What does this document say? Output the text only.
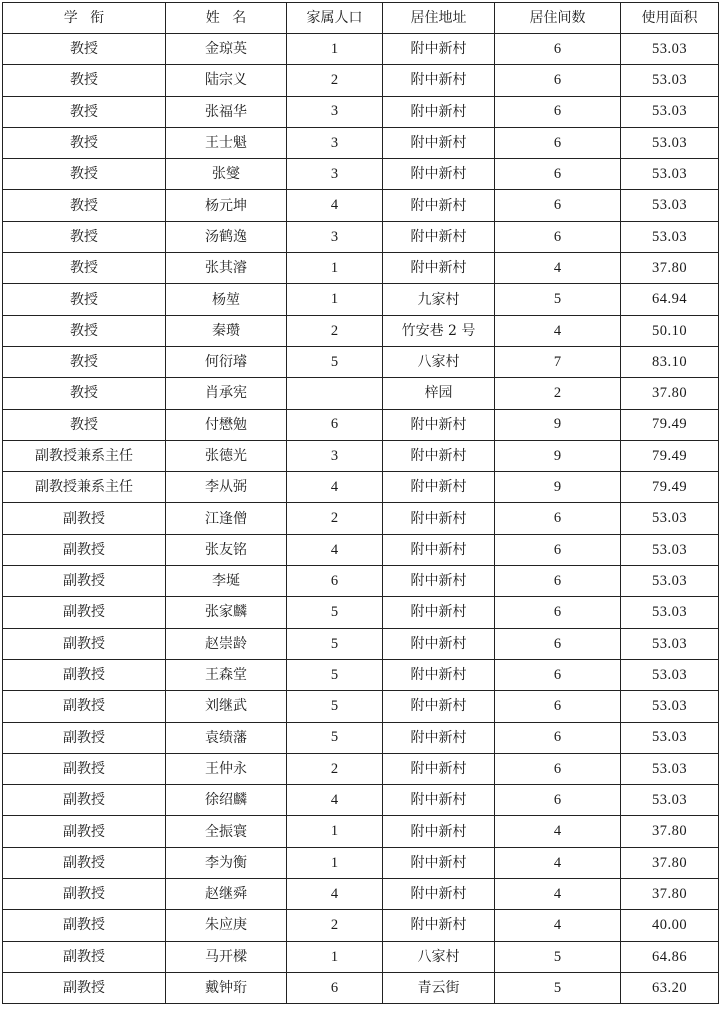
学衔	姓名	家属人口	居住地址	居住间数	使用面积
教授	金琼英	1	附中新村	6	53.03
教授	陆宗义	2	附中新村	6	53.03
教授	张福华	3	附中新村	6	53.03
教授	王士魁	3	附中新村	6	53.03
教授	张燮	3	附中新村	6	53.03
教授	杨元坤	4	附中新村	6	53.03
教授	汤鹤逸	3	附中新村	6	53.03
教授	张其濬	1	附中新村	4	37.80
教授	杨堃	1	九家村	5	64.94
教授	秦瓒	2	竹安巷 2 号	4	50.10
教授	何衍璿	5	八家村	7	83.10
教授	肖承宪		梓园	2	37.80
教授	付懋勉	6	附中新村	9	79.49
副教授兼系主任	张德光	3	附中新村	9	79.49
副教授兼系主任	李从弼	4	附中新村	9	79.49
副教授	江逢僧	2	附中新村	6	53.03
副教授	张友铭	4	附中新村	6	53.03
副教授	李埏	6	附中新村	6	53.03
副教授	张家麟	5	附中新村	6	53.03
副教授	赵崇龄	5	附中新村	6	53.03
副教授	王森堂	5	附中新村	6	53.03
副教授	刘继武	5	附中新村	6	53.03
副教授	袁绩藩	5	附中新村	6	53.03
副教授	王仲永	2	附中新村	6	53.03
副教授	徐绍麟	4	附中新村	6	53.03
副教授	全振寰	1	附中新村	4	37.80
副教授	李为衡	1	附中新村	4	37.80
副教授	赵继舜	4	附中新村	4	37.80
副教授	朱应庚	2	附中新村	4	40.00
副教授	马开樑	1	八家村	5	64.86
副教授	戴钟珩	6	青云街	5	63.20
